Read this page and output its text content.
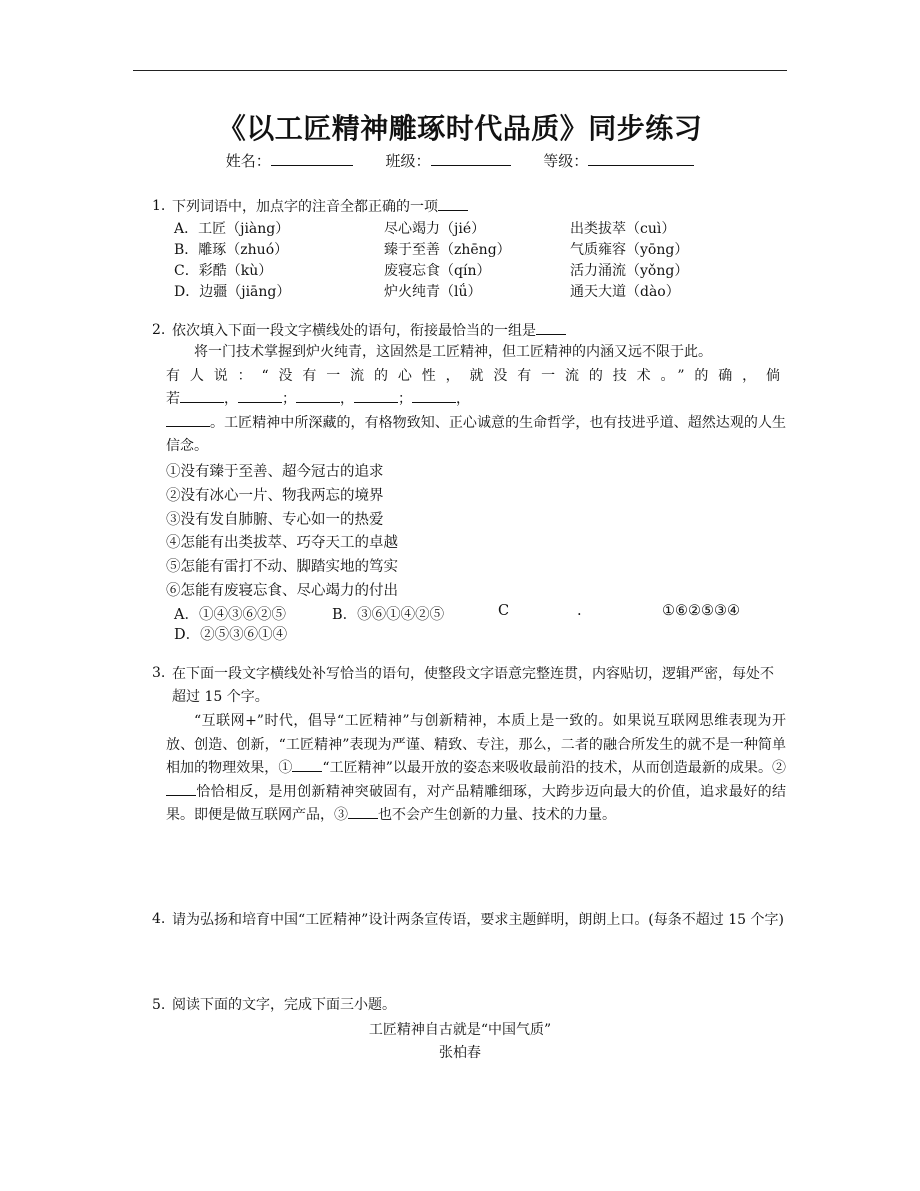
《以工匠精神雕琢时代品质》同步练习
姓名：	班级：	等级：
1. 下列词语中，加点字的注音全都正确的一项
A．工匠（jiàng）	尽心竭力（jié）	出类拔萃（cuì）
B．雕琢（zhuó）	臻于至善（zhēng）	气质雍容（yōng）
C．彩酷（kù）	废寝忘食（qín）	活力涌流（yǒng）
D．边疆（jiāng）	炉火纯青（lǘ）	通天大道（dào）
2. 依次填入下面一段文字横线处的语句，衔接最恰当的一组是
将一门技术掌握到炉火纯青，这固然是工匠精神，但工匠精神的内涵又远不限于此。
有人说：“没有一流的心性，就没有一流的技术。”的确，倘
若	，	；	，	；	，
。工匠精神中所深藏的，有格物致知、正心诚意的生命哲学，也有技进乎道、超然达观的人生信念。
①没有臻于至善、超今冠古的追求
②没有冰心一片、物我两忘的境界
③没有发自肺腑、专心如一的热爱
④怎能有出类拔萃、巧夺天工的卓越
⑤怎能有雷打不动、脚踏实地的笃实
⑥怎能有废寝忘食、尽心竭力的付出
A．①④③⑥②⑤	B．③⑥①④②⑤	C	.	①⑥②⑤③④
D．②⑤③⑥①④
3. 在下面一段文字横线处补写恰当的语句，使整段文字语意完整连贯，内容贴切，逻辑严密，每处不超过 15 个字。
“互联网+”时代，倡导“工匠精神”与创新精神，本质上是一致的。如果说互联网思维表现为开放、创造、创新，“工匠精神”表现为严谨、精致、专注，那么，二者的融合所发生的就不是一种简单相加的物理效果，① “工匠精神”以最开放的姿态来吸收最前沿的技术，从而创造最新的成果。②恰恰相反，是用创新精神突破固有，对产品精雕细琢，大跨步迈向最大的价值，追求最好的结果。即便是做互联网产品，③ 也不会产生创新的力量、技术的力量。
4. 请为弘扬和培育中国“工匠精神”设计两条宣传语，要求主题鲜明，朗朗上口。(每条不超过 15 个字)
5. 阅读下面的文字，完成下面三小题。
工匠精神自古就是“中国气质”
张柏春
